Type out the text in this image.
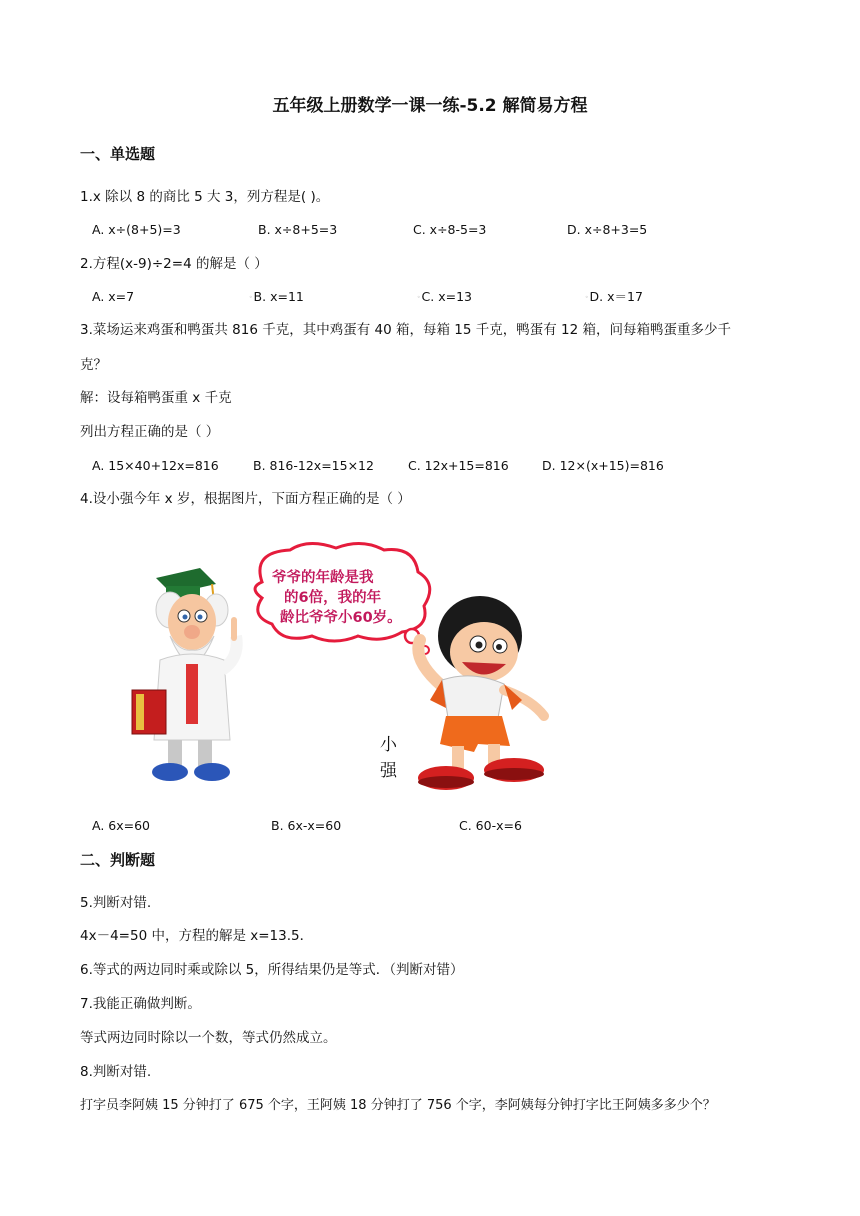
五年级上册数学一课一练-5.2 解简易方程
一、单选题
1.x 除以 8 的商比 5 大 3，列方程是( )。
A. x÷(8+5)=3	B. x÷8+5=3	C. x÷8-5=3	D. x÷8+3=5
2.方程(x-9)÷2=4 的解是（ ）
A. x=7	◦B. x=11	◦C. x=13	◦D. x＝17
3.菜场运来鸡蛋和鸭蛋共 816 千克，其中鸡蛋有 40 箱，每箱 15 千克，鸭蛋有 12 箱，问每箱鸭蛋重多少千
克？
解：设每箱鸭蛋重 x 千克
列出方程正确的是（ ）
A. 15×40+12x=816	B. 816-12x=15×12	C. 12x+15=816	D. 12×(x+15)=816
4.设小强今年 x 岁，根据图片，下面方程正确的是（ ）
爷爷的年龄是我
的6倍，我的年
龄比爷爷小60岁。
小
强
A. 6x=60	B. 6x-x=60	C. 60-x=6
二、判断题
5.判断对错.
4x－4=50 中，方程的解是 x=13.5．
6.等式的两边同时乘或除以 5，所得结果仍是等式．（判断对错）
7.我能正确做判断。
等式两边同时除以一个数，等式仍然成立。
8.判断对错.
打字员李阿姨 15 分钟打了 675 个字，王阿姨 18 分钟打了 756 个字，李阿姨每分钟打字比王阿姨多多少个？
